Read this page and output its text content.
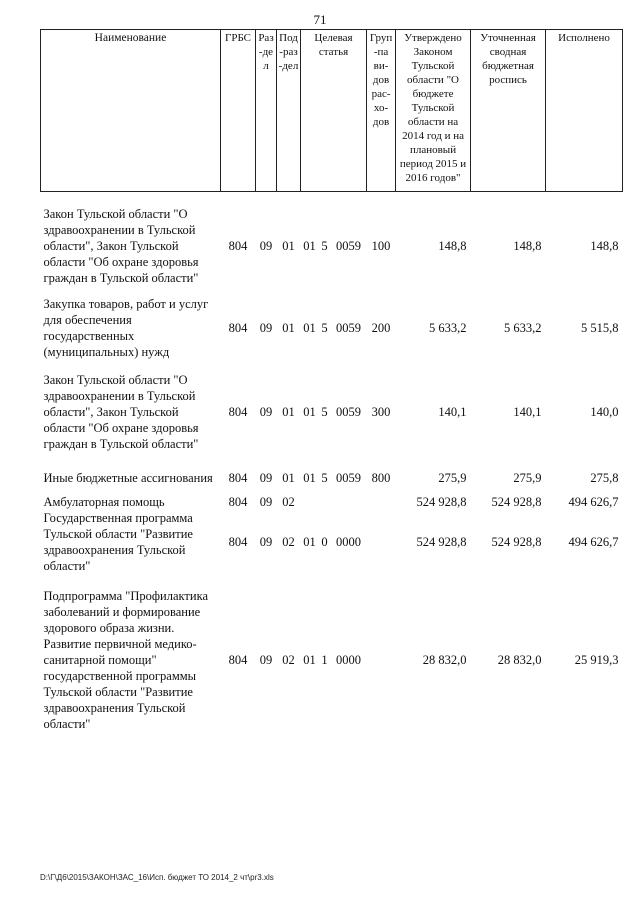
71
Наименование	ГРБС	Раз-дел	Под-раз-дел	Целевая статья			Груп-па ви-дов рас-хо-дов	Утверждено Законом Тульской области "О бюджете Тульской области на 2014 год и на плановый период 2015 и 2016 годов"	Уточненная сводная бюджетная роспись	Исполнено

Закон Тульской области "О здравоохранении в Тульской области", Закон Тульской области "Об охране здоровья граждан в Тульской области"	804	09	01	01	5	0059	100	148,8	148,8	148,8

Закупка товаров, работ и услуг для обеспечения государственных (муниципальных) нужд	804	09	01	01	5	0059	200	5 633,2	5 633,2	5 515,8

Закон Тульской области "О здравоохранении в Тульской области", Закон Тульской области "Об охране здоровья граждан в Тульской области"	804	09	01	01	5	0059	300	140,1	140,1	140,0

Иные бюджетные ассигнования	804	09	01	01	5	0059	800	275,9	275,9	275,8

Амбулаторная помощь	804	09	02					524 928,8	524 928,8	494 626,7
Государственная программа Тульской области "Развитие здравоохранения Тульской области"	804	09	02	01	0	0000		524 928,8	524 928,8	494 626,7

Подпрограмма "Профилактика заболеваний и формирование здорового образа жизни. Развитие первичной медико-санитарной помощи" государственной программы Тульской области "Развитие здравоохранения Тульской области"	804	09	02	01	1	0000		28 832,0	28 832,0	25 919,3
D:\Г\Д6\2015\ЗАКОН\ЗАС_16\Исп. бюджет ТО 2014_2 чт\pr3.xls
